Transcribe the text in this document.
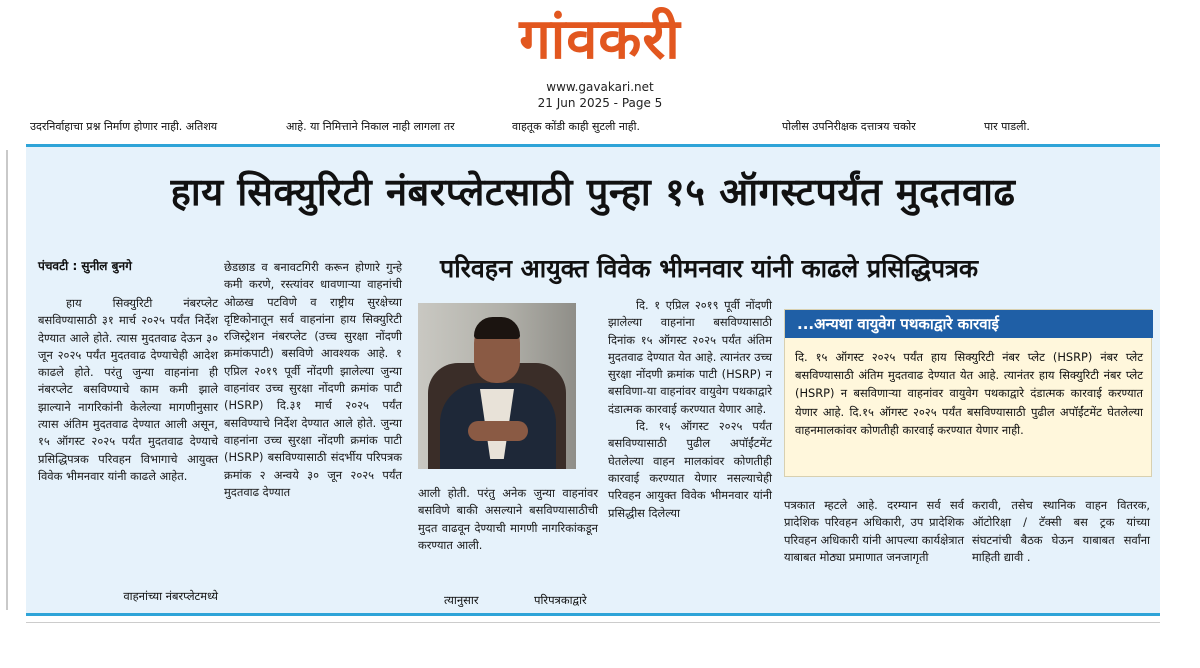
गांवकरी
www.gavakari.net
21 Jun 2025 - Page 5
उदरनिर्वाहाचा प्रश्न निर्माण होणार नाही. अतिशय	आहे. या निमित्ताने निकाल नाही लागला तर	वाहतूक कोंडी काही सुटली नाही.	पोलीस उपनिरीक्षक दत्तात्रय चकोर	पार पाडली.
हाय सिक्युरिटी नंबरप्लेटसाठी पुन्हा १५ ऑगस्टपर्यंत मुदतवाढ
पंचवटी : सुनील बुनगे

हाय सिक्युरिटी नंबरप्लेट बसविण्यासाठी ३१ मार्च २०२५ पर्यंत निर्देश देण्यात आले होते. त्यास मुदतवाढ देऊन ३० जून २०२५ पर्यंत मुदतवाढ देण्याचेही आदेश काढले होते. परंतु जुन्या वाहनांना ही नंबरप्लेट बसविण्याचे काम कमी झाले झाल्याने नागरिकांनी केलेल्या मागणीनुसार त्यास अंतिम मुदतवाढ देण्यात आली असून, १५ ऑगस्ट २०२५ पर्यंत मुदतवाढ देण्याचे प्रसिद्धिपत्रक परिवहन विभागाचे आयुक्त विवेक भीमनवार यांनी काढले आहेत.

वाहनांच्या नंबरप्लेटमध्ये

छेडछाड व बनावटगिरी करून होणारे गुन्हे कमी करणे, रस्त्यांवर धावणाऱ्या वाहनांची ओळख पटविणे व राष्ट्रीय सुरक्षेच्या दृष्टिकोनातून सर्व वाहनांना हाय सिक्युरिटी रजिस्ट्रेशन नंबरप्लेट (उच्च सुरक्षा नोंदणी क्रमांकपाटी) बसविणे आवश्यक आहे. १ एप्रिल २०१९ पूर्वी नोंदणी झालेल्या जुन्या वाहनांवर उच्च सुरक्षा नोंदणी क्रमांक पाटी (HSRP) दि.३१ मार्च २०२५ पर्यंत बसविण्याचे निर्देश देण्यात आले होते. जुन्या वाहनांना उच्च सुरक्षा नोंदणी क्रमांक पाटी (HSRP) बसविण्यासाठी संदर्भीय परिपत्रक क्रमांक २ अन्वये ३० जून २०२५ पर्यंत मुदतवाढ देण्यात

परिवहन आयुक्त विवेक भीमनवार यांनी काढले प्रसिद्धिपत्रक

आली होती. परंतु अनेक जुन्या वाहनांवर बसविणे बाकी असल्याने बसविण्यासाठीची मुदत वाढवून देण्याची मागणी नागरिकांकडून करण्यात आली.

त्यानुसार	परिपत्रकाद्वारे

दि. १ एप्रिल २०१९ पूर्वी नोंदणी झालेल्या वाहनांना बसविण्यासाठी दिनांक १५ ऑगस्ट २०२५ पर्यंत अंतिम मुदतवाढ देण्यात येत आहे. त्यानंतर उच्च सुरक्षा नोंदणी क्रमांक पाटी (HSRP) न बसविणा-या वाहनांवर वायुवेग पथकाद्वारे दंडात्मक कारवाई करण्यात येणार आहे.

दि. १५ ऑगस्ट २०२५ पर्यंत बसविण्यासाठी पुढील अपॉईंटमेंट घेतलेल्या वाहन मालकांवर कोणतीही कारवाई करण्यात येणार नसल्याचेही परिवहन आयुक्त विवेक भीमनवार यांनी प्रसिद्धीस दिलेल्या

...अन्यथा वायुवेग पथकाद्वारे कारवाई
दि. १५ ऑगस्ट २०२५ पर्यंत हाय सिक्युरिटी नंबर प्लेट (HSRP) नंबर प्लेट बसविण्यासाठी अंतिम मुदतवाढ देण्यात येत आहे. त्यानंतर हाय सिक्युरिटी नंबर प्लेट (HSRP) न बसविणाऱ्या वाहनांवर वायुवेग पथकाद्वारे दंडात्मक कारवाई करण्यात येणार आहे. दि.१५ ऑगस्ट २०२५ पर्यंत बसविण्यासाठी पुढील अपॉईंटमेंट घेतलेल्या वाहनमालकांवर कोणतीही कारवाई करण्यात येणार नाही.

पत्रकात म्हटले आहे. दरम्यान सर्व सर्व प्रादेशिक परिवहन अधिकारी, उप प्रादेशिक परिवहन अधिकारी यांनी आपल्या कार्यक्षेत्रात याबाबत मोठ्या प्रमाणात जनजागृती

करावी, तसेच स्थानिक वाहन वितरक, ऑटोरिक्षा / टॅक्सी बस ट्रक यांच्या संघटनांची बैठक घेऊन याबाबत सर्वांना माहिती द्यावी .
